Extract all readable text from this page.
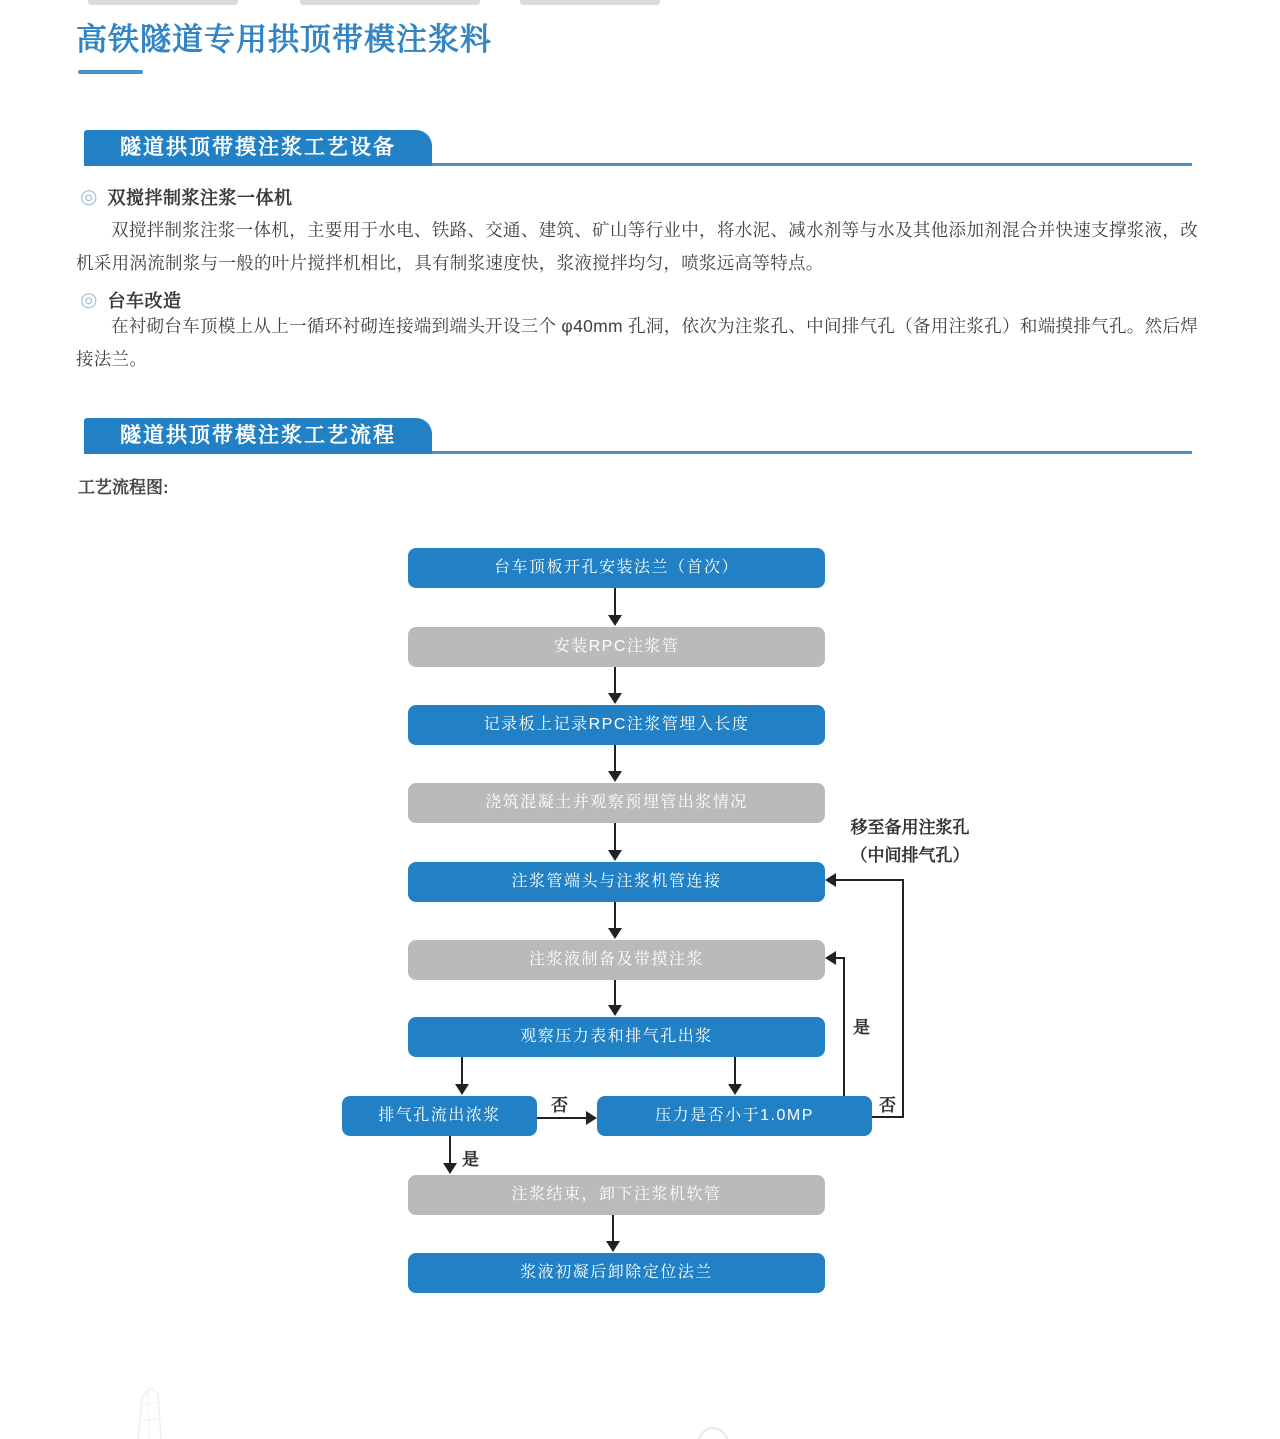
高铁隧道专用拱顶带模注浆料
隧道拱顶带摸注浆工艺设备
◎ 双搅拌制浆注浆一体机

双搅拌制浆注浆一体机，主要用于水电、铁路、交通、建筑、矿山等行业中，将水泥、减水剂等与水及其他添加剂混合并快速支撑浆液，改机采用涡流制浆与一般的叶片搅拌机相比，具有制浆速度快，浆液搅拌均匀，喷浆远高等特点。

◎ 台车改造

在衬砌台车顶模上从上一循环衬砌连接端到端头开设三个 φ40mm 孔洞，依次为注浆孔、中间排气孔（备用注浆孔）和端摸排气孔。然后焊接法兰。

隧道拱顶带模注浆工艺流程
工艺流程图:
台车顶板开孔安装法兰（首次）
安装RPC注浆管
记录板上记录RPC注浆管埋入长度
浇筑混凝土并观察预埋管出浆情况
注浆管端头与注浆机管连接
注浆液制备及带摸注浆
观察压力表和排气孔出浆
排气孔流出浓浆	压力是否小于1.0MP
注浆结束，卸下注浆机软管
浆液初凝后卸除定位法兰
否
是
是
否
移至备用注浆孔
（中间排气孔）
